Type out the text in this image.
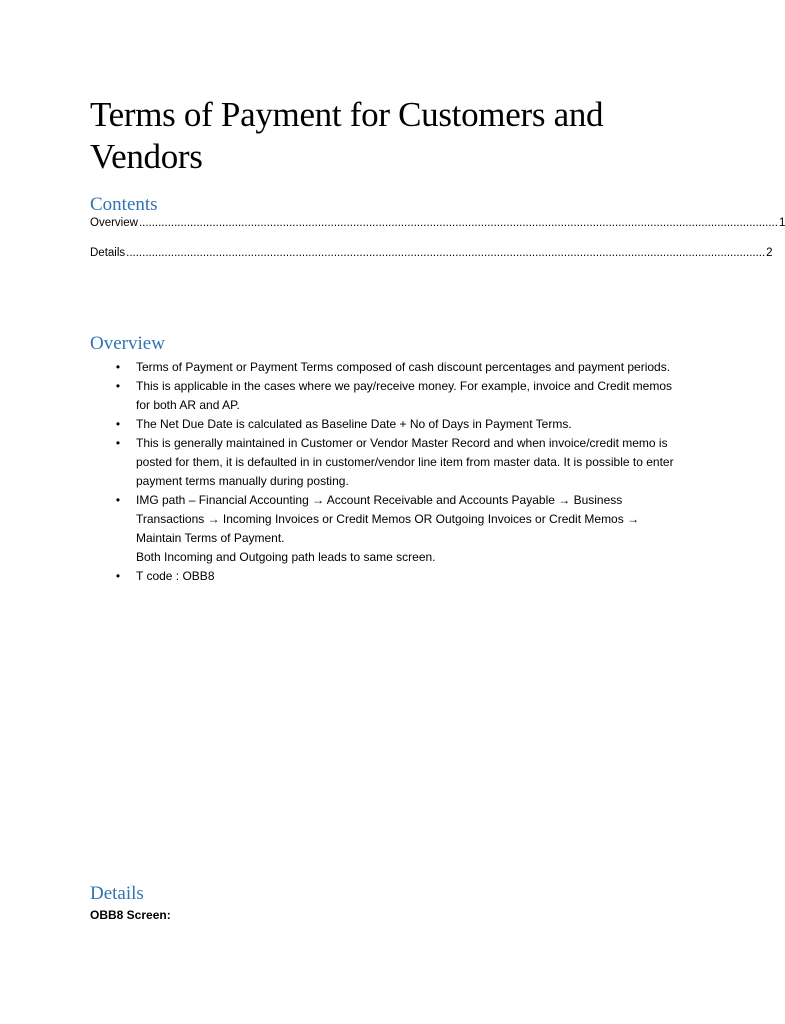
Terms of Payment for Customers and Vendors
Contents
Overview ........................................................................................................................................................................................................ 1
Details ........................................................................................................................................................................................................ 2
Overview
•	Terms of Payment or Payment Terms composed of cash discount percentages and payment periods.
•	This is applicable in the cases where we pay/receive money. For example, invoice and Credit memos for both AR and AP.
•	The Net Due Date is calculated as Baseline Date + No of Days in Payment Terms.
•	This is generally maintained in Customer or Vendor Master Record and when invoice/credit memo is posted for them, it is defaulted in in customer/vendor line item from master data. It is possible to enter payment terms manually during posting.
•	IMG path – Financial Accounting → Account Receivable and Accounts Payable → Business Transactions → Incoming Invoices or Credit Memos OR Outgoing Invoices or Credit Memos → Maintain Terms of Payment.
Both Incoming and Outgoing path leads to same screen.
•	T code : OBB8
Details
OBB8 Screen:
